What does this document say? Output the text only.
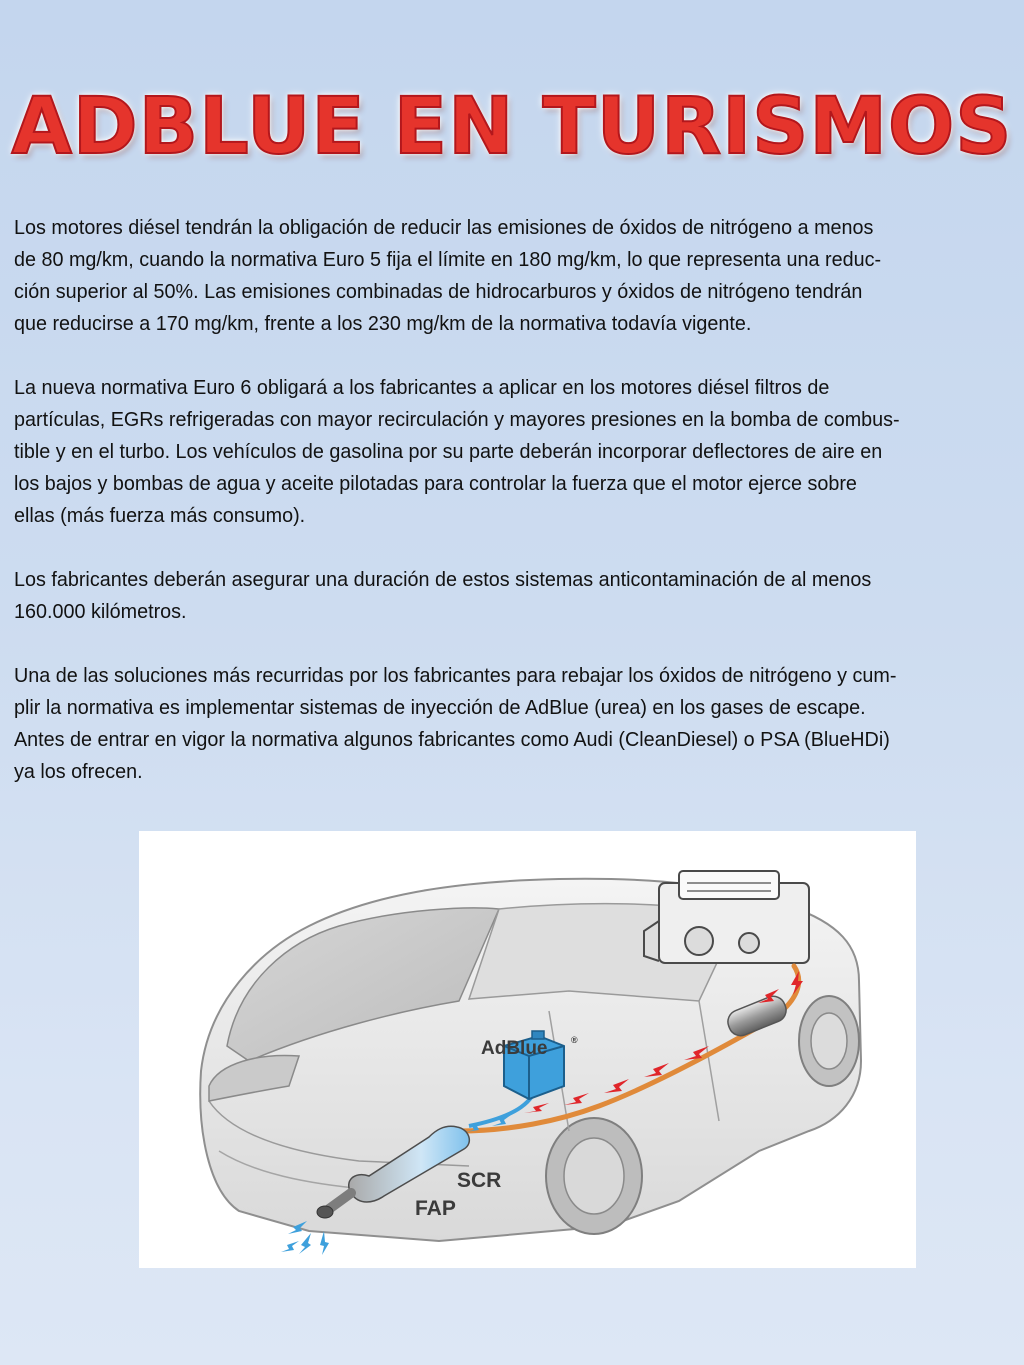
ADBLUE EN TURISMOS

Los motores diésel tendrán la obligación de reducir las emisiones de óxidos de nitrógeno a menos
de 80 mg/km, cuando la normativa Euro 5 fija el límite en 180 mg/km, lo que representa una reduc-
ción superior al 50%. Las emisiones combinadas de hidrocarburos y óxidos de nitrógeno tendrán
que reducirse a 170 mg/km, frente a los 230 mg/km de la normativa todavía vigente.

La nueva normativa Euro 6 obligará a los fabricantes a aplicar en los motores diésel filtros de
partículas, EGRs refrigeradas con mayor recirculación y mayores presiones en la bomba de combus-
tible y en el turbo. Los vehículos de gasolina por su parte deberán incorporar deflectores de aire en
los bajos y bombas de agua y aceite pilotadas para controlar la fuerza que el motor ejerce sobre
ellas (más fuerza más consumo).

Los fabricantes deberán asegurar una duración de estos sistemas anticontaminación de al menos
160.000 kilómetros.

Una de las soluciones más recurridas por los fabricantes para rebajar los óxidos de nitrógeno y cum-
plir la normativa es implementar sistemas de inyección de AdBlue (urea) en los gases de escape.
Antes de entrar en vigor la normativa algunos fabricantes como Audi (CleanDiesel) o PSA (BlueHDi)
ya los ofrecen.

AdBlue	®
SCR
FAP
